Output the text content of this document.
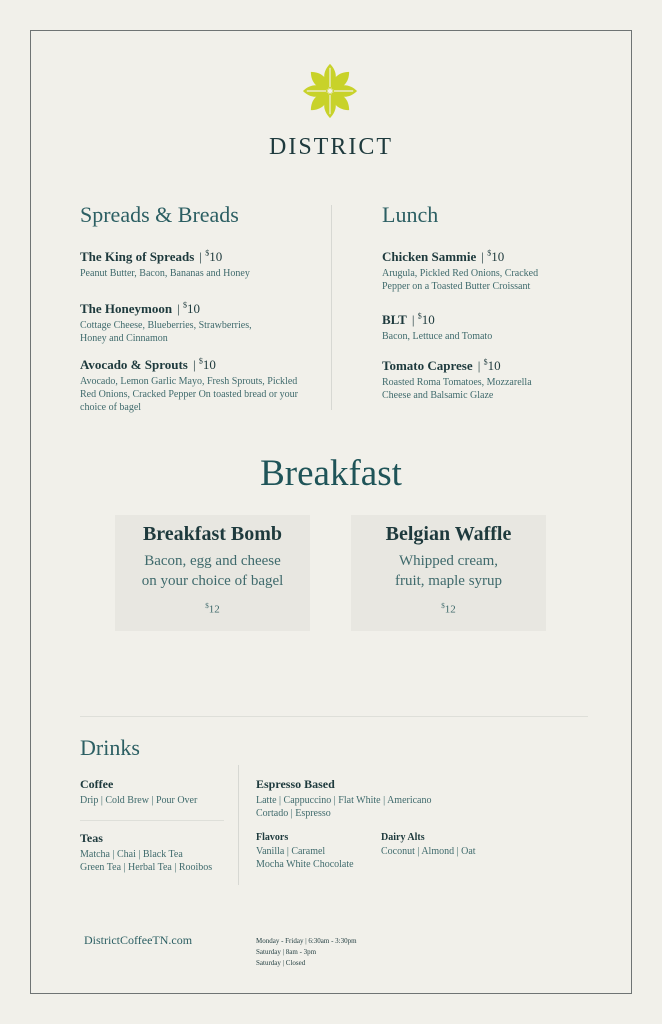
DISTRICT
Spreads & Breads
The King of Spreads | $10
Peanut Butter, Bacon, Bananas and Honey
The Honeymoon | $10
Cottage Cheese, Blueberries, Strawberries, Honey and Cinnamon
Avocado & Sprouts | $10
Avocado, Lemon Garlic Mayo, Fresh Sprouts, Pickled Red Onions, Cracked Pepper On toasted bread or your choice of bagel
Lunch
Chicken Sammie | $10
Arugula, Pickled Red Onions, Cracked Pepper on a Toasted Butter Croissant
BLT | $10
Bacon, Lettuce and Tomato
Tomato Caprese | $10
Roasted Roma Tomatoes, Mozzarella Cheese and Balsamic Glaze
Breakfast
Breakfast Bomb
Bacon, egg and cheese
on your choice of bagel
$12
Belgian Waffle
Whipped cream,
fruit, maple syrup
$12
Drinks
Coffee
Drip | Cold Brew | Pour Over
Teas
Matcha | Chai | Black Tea
Green Tea | Herbal Tea | Rooibos
Espresso Based
Latte | Cappuccino | Flat White | Americano
Cortado | Espresso
Flavors
Vanilla | Caramel
Mocha White Chocolate
Dairy Alts
Coconut | Almond | Oat
DistrictCoffeeTN.com	Monday - Friday | 6:30am - 3:30pm
Saturday | 8am - 3pm
Saturday | Closed
